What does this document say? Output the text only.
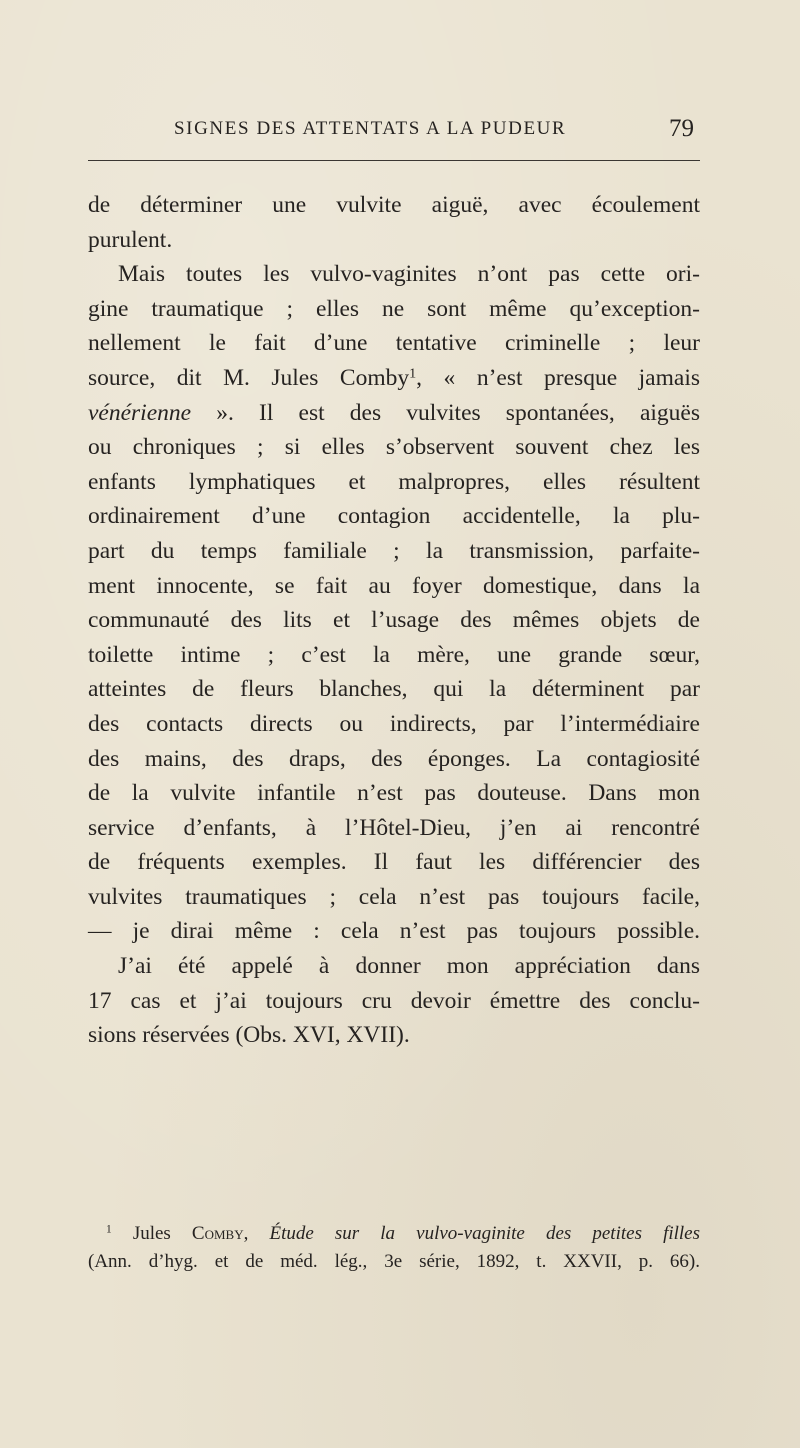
SIGNES DES ATTENTATS A LA PUDEUR	79
de déterminer une vulvite aiguë, avec écoulement
purulent.
Mais toutes les vulvo-vaginites n’ont pas cette ori-
gine traumatique ; elles ne sont même qu’exception-
nellement le fait d’une tentative criminelle ; leur
source, dit M. Jules Comby$^1$, « n’est presque jamais
vénérienne ». Il est des vulvites spontanées, aiguës
ou chroniques ; si elles s’observent souvent chez les
enfants lymphatiques et malpropres, elles résultent
ordinairement d’une contagion accidentelle, la plu-
part du temps familiale ; la transmission, parfaite-
ment innocente, se fait au foyer domestique, dans la
communauté des lits et l’usage des mêmes objets de
toilette intime ; c’est la mère, une grande sœur,
atteintes de fleurs blanches, qui la déterminent par
des contacts directs ou indirects, par l’intermédiaire
des mains, des draps, des éponges. La contagiosité
de la vulvite infantile n’est pas douteuse. Dans mon
service d’enfants, à l’Hôtel-Dieu, j’en ai rencontré
de fréquents exemples. Il faut les différencier des
vulvites traumatiques ; cela n’est pas toujours facile,
— je dirai même : cela n’est pas toujours possible.
J’ai été appelé à donner mon appréciation dans
17 cas et j’ai toujours cru devoir émettre des conclu-
sions réservées (Obs. XVI, XVII).
$^1$ Jules Comby, Étude sur la vulvo-vaginite des petites filles
(Ann. d’hyg. et de méd. lég., 3e série, 1892, t. XXVII, p. 66).
